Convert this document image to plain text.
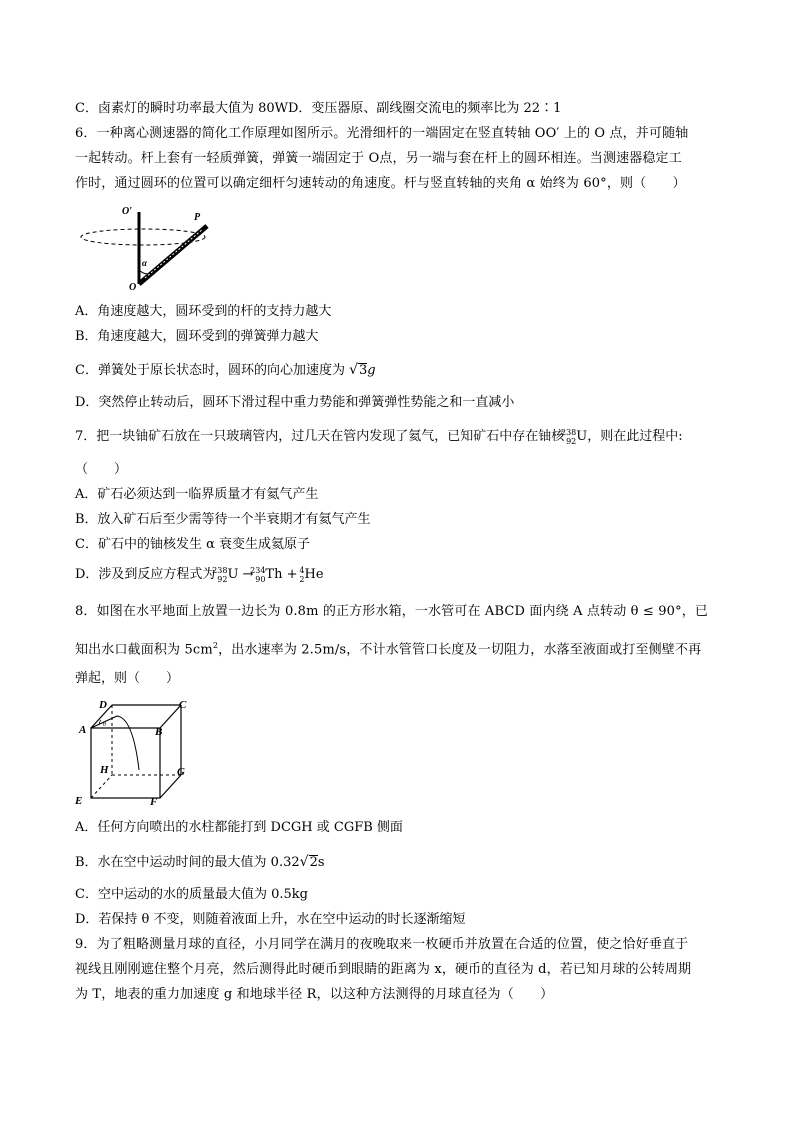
C．卤素灯的瞬时功率最大值为 80WD．变压器原、副线圈交流电的频率比为 22∶1
6．一种离心测速器的简化工作原理如图所示。光滑细杆的一端固定在竖直转轴 OO′ 上的 O 点，并可随轴
一起转动。杆上套有一轻质弹簧，弹簧一端固定于 O点，另一端与套在杆上的圆环相连。当测速器稳定工
作时，通过圆环的位置可以确定细杆匀速转动的角速度。杆与竖直转轴的夹角 α 始终为 60°，则（　　）
O′
P
α
O
A．角速度越大，圆环受到的杆的支持力越大
B．角速度越大，圆环受到的弹簧弹力越大
C．弹簧处于原长状态时，圆环的向心加速度为 √3g
D．突然停止转动后，圆环下滑过程中重力势能和弹簧弹性势能之和一直减小
7．把一块铀矿石放在一只玻璃管内，过几天在管内发现了氦气，已知矿石中存在铀核
238
92 U，则在此过程中:
（　　）
A．矿石必须达到一临界质量才有氦气产生
B．放入矿石后至少需等待一个半衰期才有氦气产生
C．矿石中的铀核发生 α 衰变生成氦原子
D．涉及到反应方程式为
238
92 U →
234
90 Th + 4
2 He
8．如图在水平地面上放置一边长为 0.8m 的正方形水箱，一水管可在 ABCD 面内绕 A 点转动 θ ≤ 90°，已
知出水口截面积为 $5cm^2$，出水速率为 2.5m/s，不计水管管口长度及一切阻力，水落至液面或打至侧壁不再
弹起，则（　　）
θ
D	C
A	B
H	G
E	F
A．任何方向喷出的水柱都能打到 DCGH 或 CGFB 侧面
B．水在空中运动时间的最大值为 0.32√2s
C．空中运动的水的质量最大值为 0.5kg
D．若保持 θ 不变，则随着液面上升，水在空中运动的时长逐渐缩短
9．为了粗略测量月球的直径，小月同学在满月的夜晚取来一枚硬币并放置在合适的位置，使之恰好垂直于
视线且刚刚遮住整个月亮，然后测得此时硬币到眼睛的距离为 x，硬币的直径为 d，若已知月球的公转周期
为 T，地表的重力加速度 g 和地球半径 R，以这种方法测得的月球直径为（　　）
